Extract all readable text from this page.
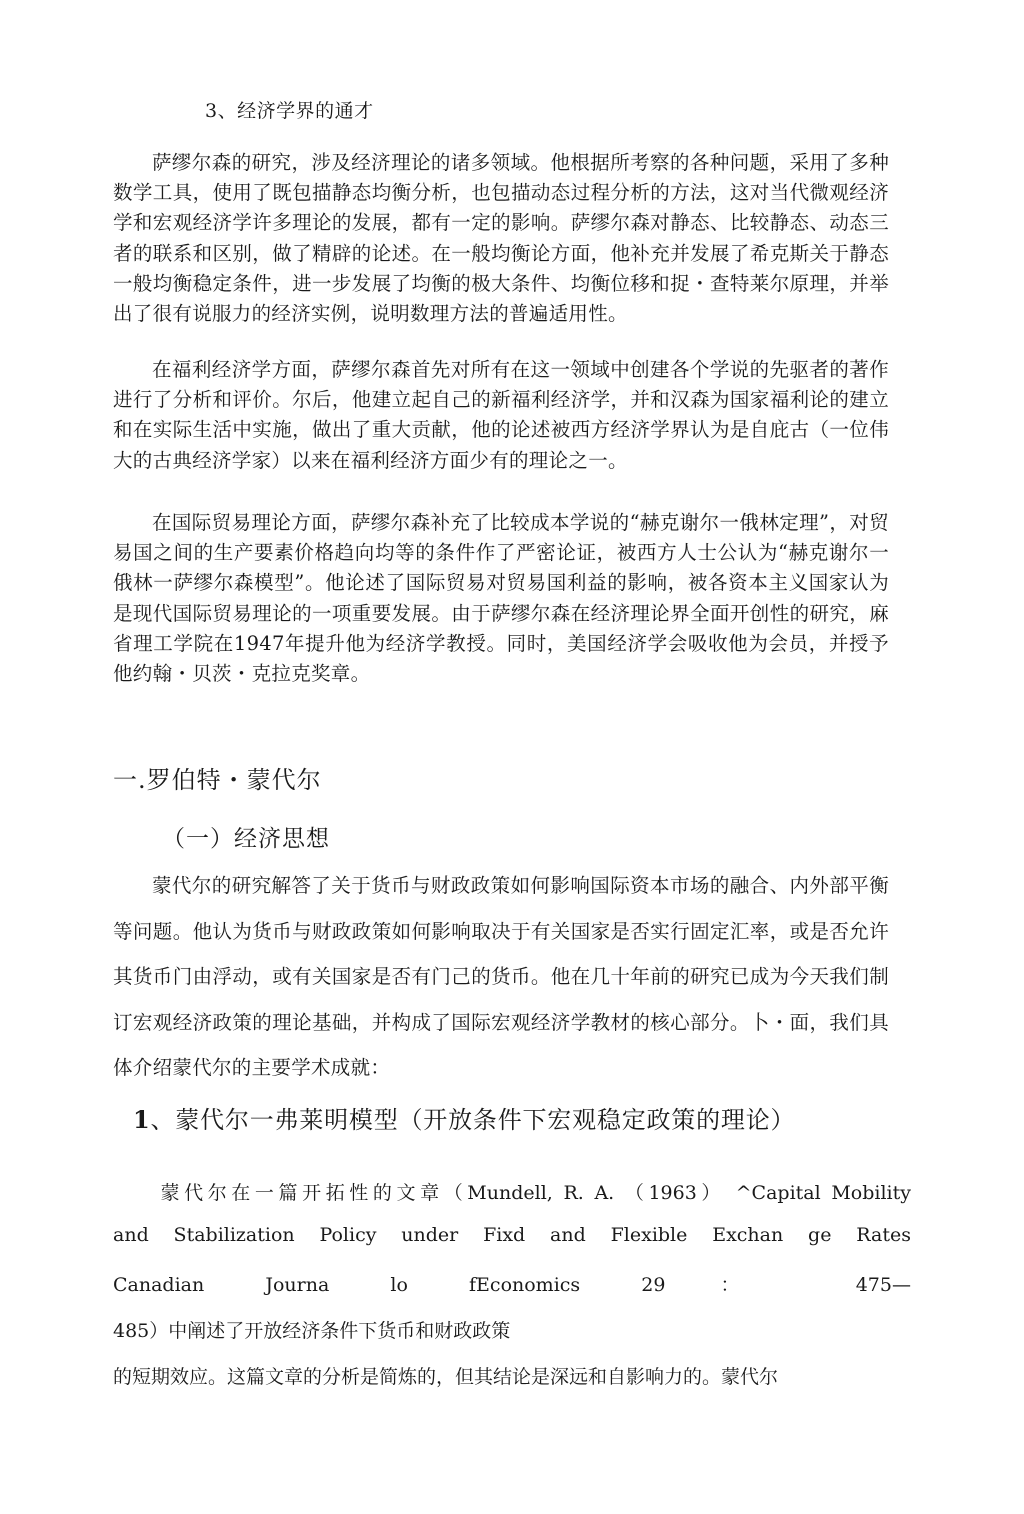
3、经济学界的通才

萨缪尔森的研究，涉及经济理论的诸多领域。他根据所考察的各种问题，采用了多种数学工具，使用了既包描静态均衡分析，也包描动态过程分析的方法，这对当代微观经济学和宏观经济学许多理论的发展，都有一定的影响。萨缪尔森对静态、比较静态、动态三者的联系和区别，做了精辟的论述。在一般均衡论方面，他补充并发展了希克斯关于静态一般均衡稳定条件，进一步发展了均衡的极大条件、均衡位移和捉・查特莱尔原理，并举出了很有说服力的经济实例，说明数理方法的普遍适用性。

在福利经济学方面，萨缪尔森首先对所有在这一领域中创建各个学说的先驱者的著作进行了分析和评价。尔后，他建立起自己的新福利经济学，并和汉森为国家福利论的建立和在实际生活中实施，做出了重大贡献，他的论述被西方经济学界认为是自庇古（一位伟大的古典经济学家）以来在福利经济方面少有的理论之一。

在国际贸易理论方面，萨缪尔森补充了比较成本学说的“赫克谢尔一俄林定理”，对贸易国之间的生产要素价格趋向均等的条件作了严密论证，被西方人士公认为“赫克谢尔一俄林一萨缪尔森模型”。他论述了国际贸易对贸易国利益的影响，被各资本主义国家认为是现代国际贸易理论的一项重要发展。由于萨缪尔森在经济理论界全面开创性的研究，麻省理工学院在1947年提升他为经济学教授。同时，美国经济学会吸收他为会员，并授予他约翰・贝茨・克拉克奖章。

一.罗伯特・蒙代尔
（一）经济思想

蒙代尔的研究解答了关于货币与财政政策如何影响国际资本市场的融合、内外部平衡等问题。他认为货币与财政政策如何影响取决于有关国家是否实行固定汇率，或是否允许其货币门由浮动，或有关国家是否有门己的货币。他在几十年前的研究已成为今天我们制订宏观经济政策的理论基础，并构成了国际宏观经济学教材的核心部分。卜・面，我们具体介绍蒙代尔的主要学术成就：

1、蒙代尔一弗莱明模型（开放条件下宏观稳定政策的理论）
蒙代尔在一篇开拓性的文章（Mundell, R. A. （1963） ^Capital Mobility
and Stabilization Policy under Fixd and Flexible Exchan ge Rates
Canadian Journa lo fEconomics 29： 475—
485）中阐述了开放经济条件下货币和财政政策
的短期效应。这篇文章的分析是简炼的，但其结论是深远和自影响力的。蒙代尔
